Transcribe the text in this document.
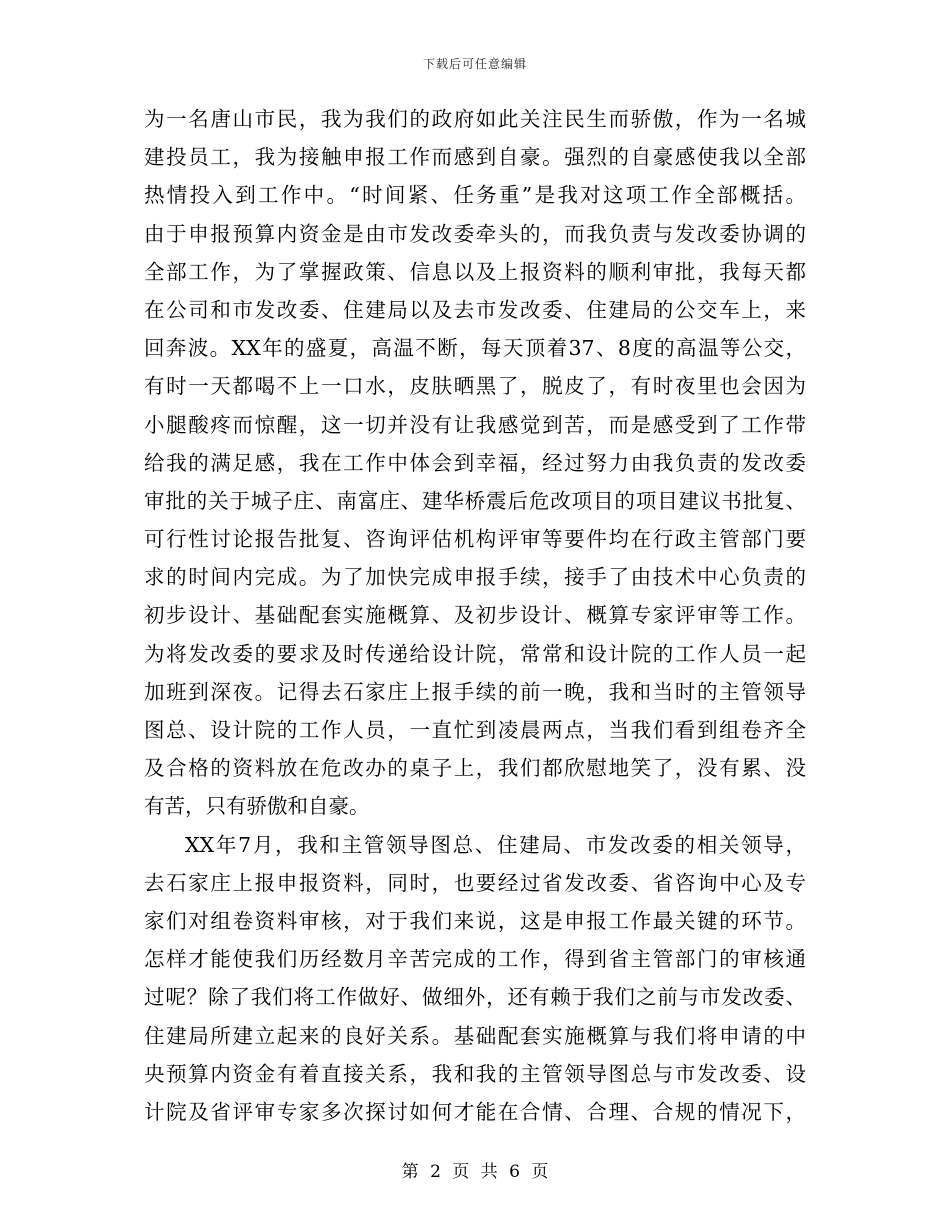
下载后可任意编辑
为一名唐山市民，我为我们的政府如此关注民生而骄傲，作为一名城
建投员工，我为接触申报工作而感到自豪。强烈的自豪感使我以全部
热情投入到工作中。“时间紧、任务重”是我对这项工作全部概括。
由于申报预算内资金是由市发改委牵头的，而我负责与发改委协调的
全部工作，为了掌握政策、信息以及上报资料的顺利审批，我每天都
在公司和市发改委、住建局以及去市发改委、住建局的公交车上，来
回奔波。XX年的盛夏，高温不断，每天顶着37、8度的高温等公交，
有时一天都喝不上一口水，皮肤晒黑了，脱皮了，有时夜里也会因为
小腿酸疼而惊醒，这一切并没有让我感觉到苦，而是感受到了工作带
给我的满足感，我在工作中体会到幸福，经过努力由我负责的发改委
审批的关于城子庄、南富庄、建华桥震后危改项目的项目建议书批复、
可行性讨论报告批复、咨询评估机构评审等要件均在行政主管部门要
求的时间内完成。为了加快完成申报手续，接手了由技术中心负责的
初步设计、基础配套实施概算、及初步设计、概算专家评审等工作。
为将发改委的要求及时传递给设计院，常常和设计院的工作人员一起
加班到深夜。记得去石家庄上报手续的前一晚，我和当时的主管领导
图总、设计院的工作人员，一直忙到凌晨两点，当我们看到组卷齐全
及合格的资料放在危改办的桌子上，我们都欣慰地笑了，没有累、没
有苦，只有骄傲和自豪。
XX年7月，我和主管领导图总、住建局、市发改委的相关领导，
去石家庄上报申报资料，同时，也要经过省发改委、省咨询中心及专
家们对组卷资料审核，对于我们来说，这是申报工作最关键的环节。
怎样才能使我们历经数月辛苦完成的工作，得到省主管部门的审核通
过呢？除了我们将工作做好、做细外，还有赖于我们之前与市发改委、
住建局所建立起来的良好关系。基础配套实施概算与我们将申请的中
央预算内资金有着直接关系，我和我的主管领导图总与市发改委、设
计院及省评审专家多次探讨如何才能在合情、合理、合规的情况下，
第 2 页 共 6 页
